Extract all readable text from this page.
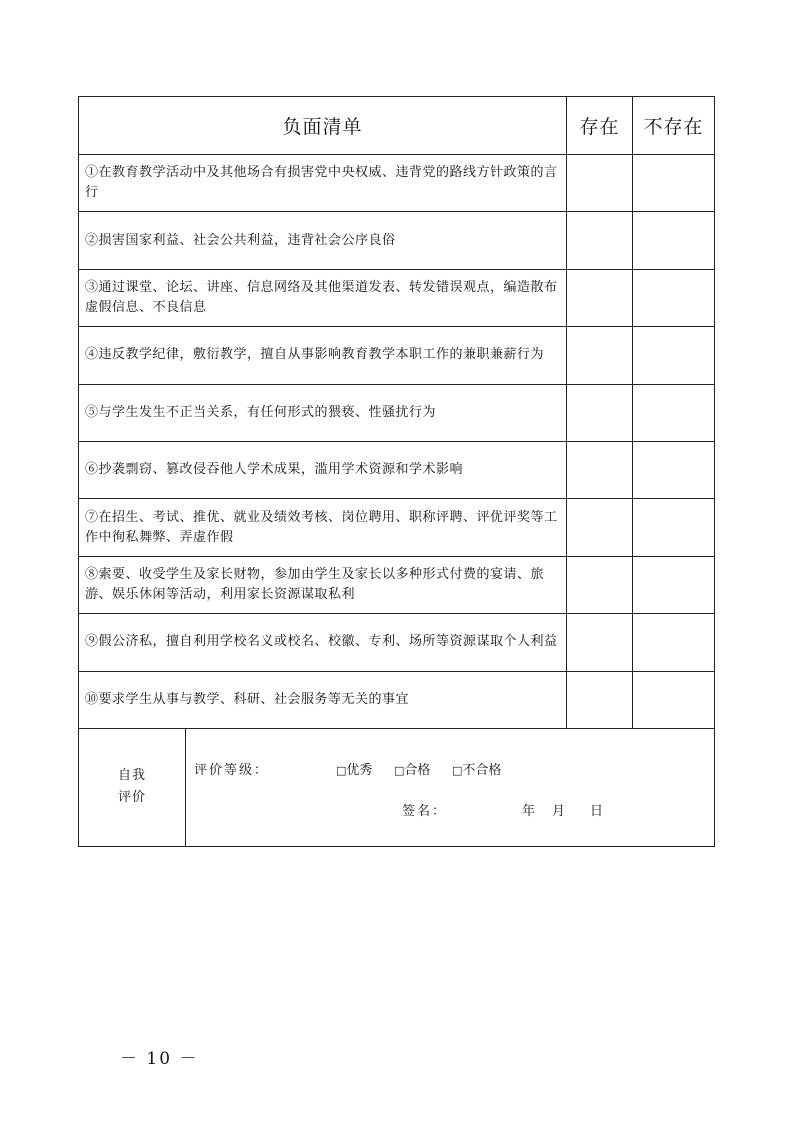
负面清单	存在	不存在
①在教育教学活动中及其他场合有损害党中央权威、违背党的路线方针政策的言行
②损害国家利益、社会公共利益，违背社会公序良俗
③通过课堂、论坛、讲座、信息网络及其他渠道发表、转发错误观点，编造散布虚假信息、不良信息
④违反教学纪律，敷衍教学，擅自从事影响教育教学本职工作的兼职兼薪行为
⑤与学生发生不正当关系，有任何形式的猥亵、性骚扰行为
⑥抄袭剽窃、篡改侵吞他人学术成果，滥用学术资源和学术影响
⑦在招生、考试、推优、就业及绩效考核、岗位聘用、职称评聘、评优评奖等工作中徇私舞弊、弄虚作假
⑧索要、收受学生及家长财物，参加由学生及家长以多种形式付费的宴请、旅游、娱乐休闲等活动，利用家长资源谋取私利
⑨假公济私，擅自利用学校名义或校名、校徽、专利、场所等资源谋取个人利益
⑩要求学生从事与教学、科研、社会服务等无关的事宜
自我
评价
评价等级：	□优秀 □合格 □不合格
签名：	年 月 日
－ 10 －
